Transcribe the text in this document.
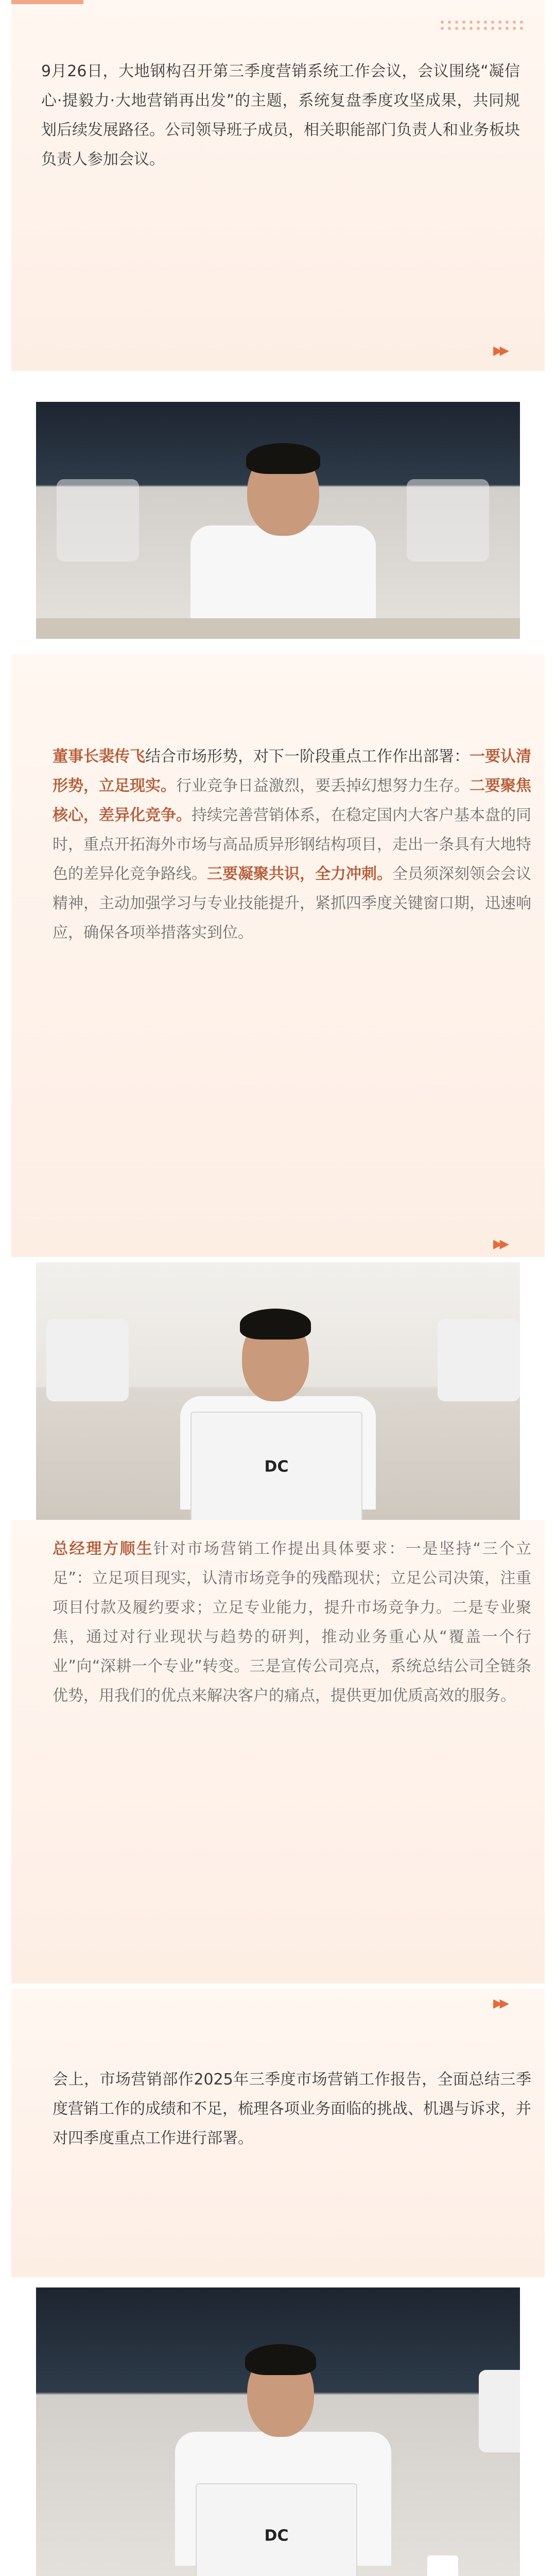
9月26日，大地钢构召开第三季度营销系统工作会议，会议围绕“凝信心·提毅力·大地营销再出发”的主题，系统复盘季度攻坚成果，共同规划后续发展路径。公司领导班子成员，相关职能部门负责人和业务板块负责人参加会议。
▶▶
董事长裴传飞结合市场形势，对下一阶段重点工作作出部署：一要认清形势，立足现实。行业竞争日益激烈，要丢掉幻想努力生存。二要聚焦核心，差异化竞争。持续完善营销体系，在稳定国内大客户基本盘的同时，重点开拓海外市场与高品质异形钢结构项目，走出一条具有大地特色的差异化竞争路线。三要凝聚共识，全力冲刺。全员须深刻领会会议精神，主动加强学习与专业技能提升，紧抓四季度关键窗口期，迅速响应，确保各项举措落实到位。
▶▶
DC
总经理方顺生针对市场营销工作提出具体要求：一是坚持“三个立足”：立足项目现实，认清市场竞争的残酷现状；立足公司决策，注重项目付款及履约要求；立足专业能力，提升市场竞争力。二是专业聚焦，通过对行业现状与趋势的研判，推动业务重心从“覆盖一个行业”向“深耕一个专业”转变。三是宣传公司亮点，系统总结公司全链条优势，用我们的优点来解决客户的痛点，提供更加优质高效的服务。
▶▶
会上，市场营销部作2025年三季度市场营销工作报告，全面总结三季度营销工作的成绩和不足，梳理各项业务面临的挑战、机遇与诉求，并对四季度重点工作进行部署。
DC
